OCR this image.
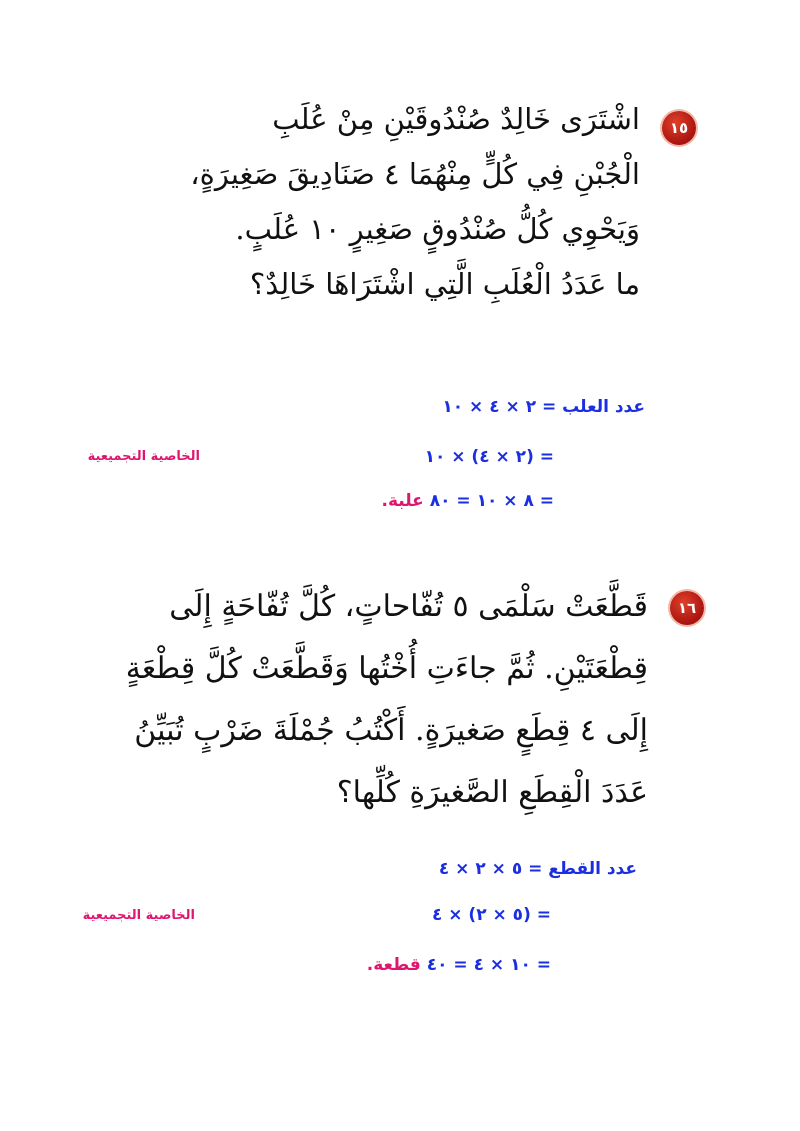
١٥
اشْتَرَى خَالِدٌ صُنْدُوقَيْنِ مِنْ عُلَبِ
الْجُبْنِ فِي كُلٍّ مِنْهُمَا ٤ صَنَادِيقَ صَغِيرَةٍ،
وَيَحْوِي كُلُّ صُنْدُوقٍ صَغِيرٍ ١٠ عُلَبٍ.
ما عَدَدُ الْعُلَبِ الَّتِي اشْتَرَاهَا خَالِدٌ؟
عدد العلب = ٢ × ٤ × ١٠
= (٢ × ٤) × ١٠
الخاصية التجميعية
= ٨ × ١٠ = ٨٠ علبة.
١٦
قَطَّعَتْ سَلْمَى ٥ تُفّاحاتٍ، كُلَّ تُفّاحَةٍ إِلَى
قِطْعَتَيْنِ. ثُمَّ جاءَتِ أُخْتُها وَقَطَّعَتْ كُلَّ قِطْعَةٍ
إِلَى ٤ قِطَعٍ صَغيرَةٍ. أَكْتُبُ جُمْلَةَ ضَرْبٍ تُبَيِّنُ
عَدَدَ الْقِطَعِ الصَّغيرَةِ كُلِّها؟
عدد القطع = ٥ × ٢ × ٤
= (٥ × ٢) × ٤
الخاصية التجميعية
= ١٠ × ٤ = ٤٠ قطعة.
